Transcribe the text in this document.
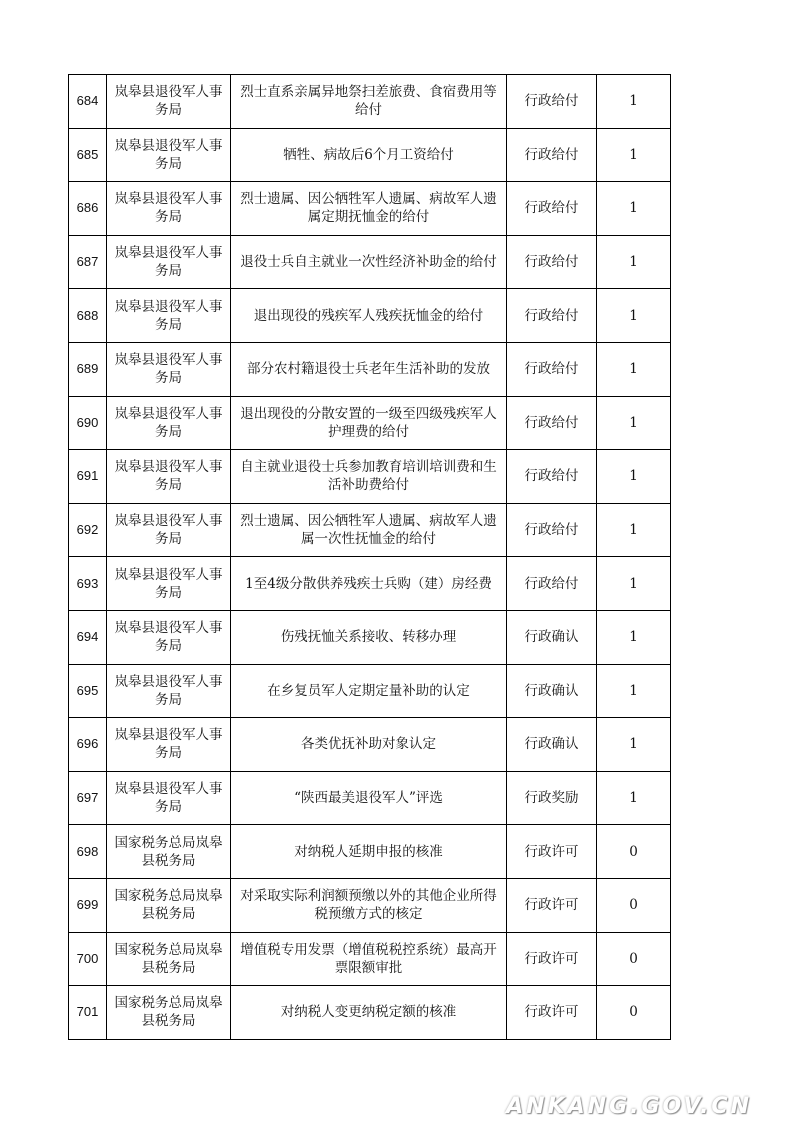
684	岚皋县退役军人事务局	烈士直系亲属异地祭扫差旅费、食宿费用等给付	行政给付	1
685	岚皋县退役军人事务局	牺牲、病故后6个月工资给付	行政给付	1
686	岚皋县退役军人事务局	烈士遗属、因公牺牲军人遗属、病故军人遗属定期抚恤金的给付	行政给付	1
687	岚皋县退役军人事务局	退役士兵自主就业一次性经济补助金的给付	行政给付	1
688	岚皋县退役军人事务局	退出现役的残疾军人残疾抚恤金的给付	行政给付	1
689	岚皋县退役军人事务局	部分农村籍退役士兵老年生活补助的发放	行政给付	1
690	岚皋县退役军人事务局	退出现役的分散安置的一级至四级残疾军人护理费的给付	行政给付	1
691	岚皋县退役军人事务局	自主就业退役士兵参加教育培训培训费和生活补助费给付	行政给付	1
692	岚皋县退役军人事务局	烈士遗属、因公牺牲军人遗属、病故军人遗属一次性抚恤金的给付	行政给付	1
693	岚皋县退役军人事务局	1至4级分散供养残疾士兵购（建）房经费	行政给付	1
694	岚皋县退役军人事务局	伤残抚恤关系接收、转移办理	行政确认	1
695	岚皋县退役军人事务局	在乡复员军人定期定量补助的认定	行政确认	1
696	岚皋县退役军人事务局	各类优抚补助对象认定	行政确认	1
697	岚皋县退役军人事务局	“陕西最美退役军人”评选	行政奖励	1
698	国家税务总局岚皋县税务局	对纳税人延期申报的核准	行政许可	0
699	国家税务总局岚皋县税务局	对采取实际利润额预缴以外的其他企业所得税预缴方式的核定	行政许可	0
700	国家税务总局岚皋县税务局	增值税专用发票（增值税税控系统）最高开票限额审批	行政许可	0
701	国家税务总局岚皋县税务局	对纳税人变更纳税定额的核准	行政许可	0
ANKANG.GOV.CN
